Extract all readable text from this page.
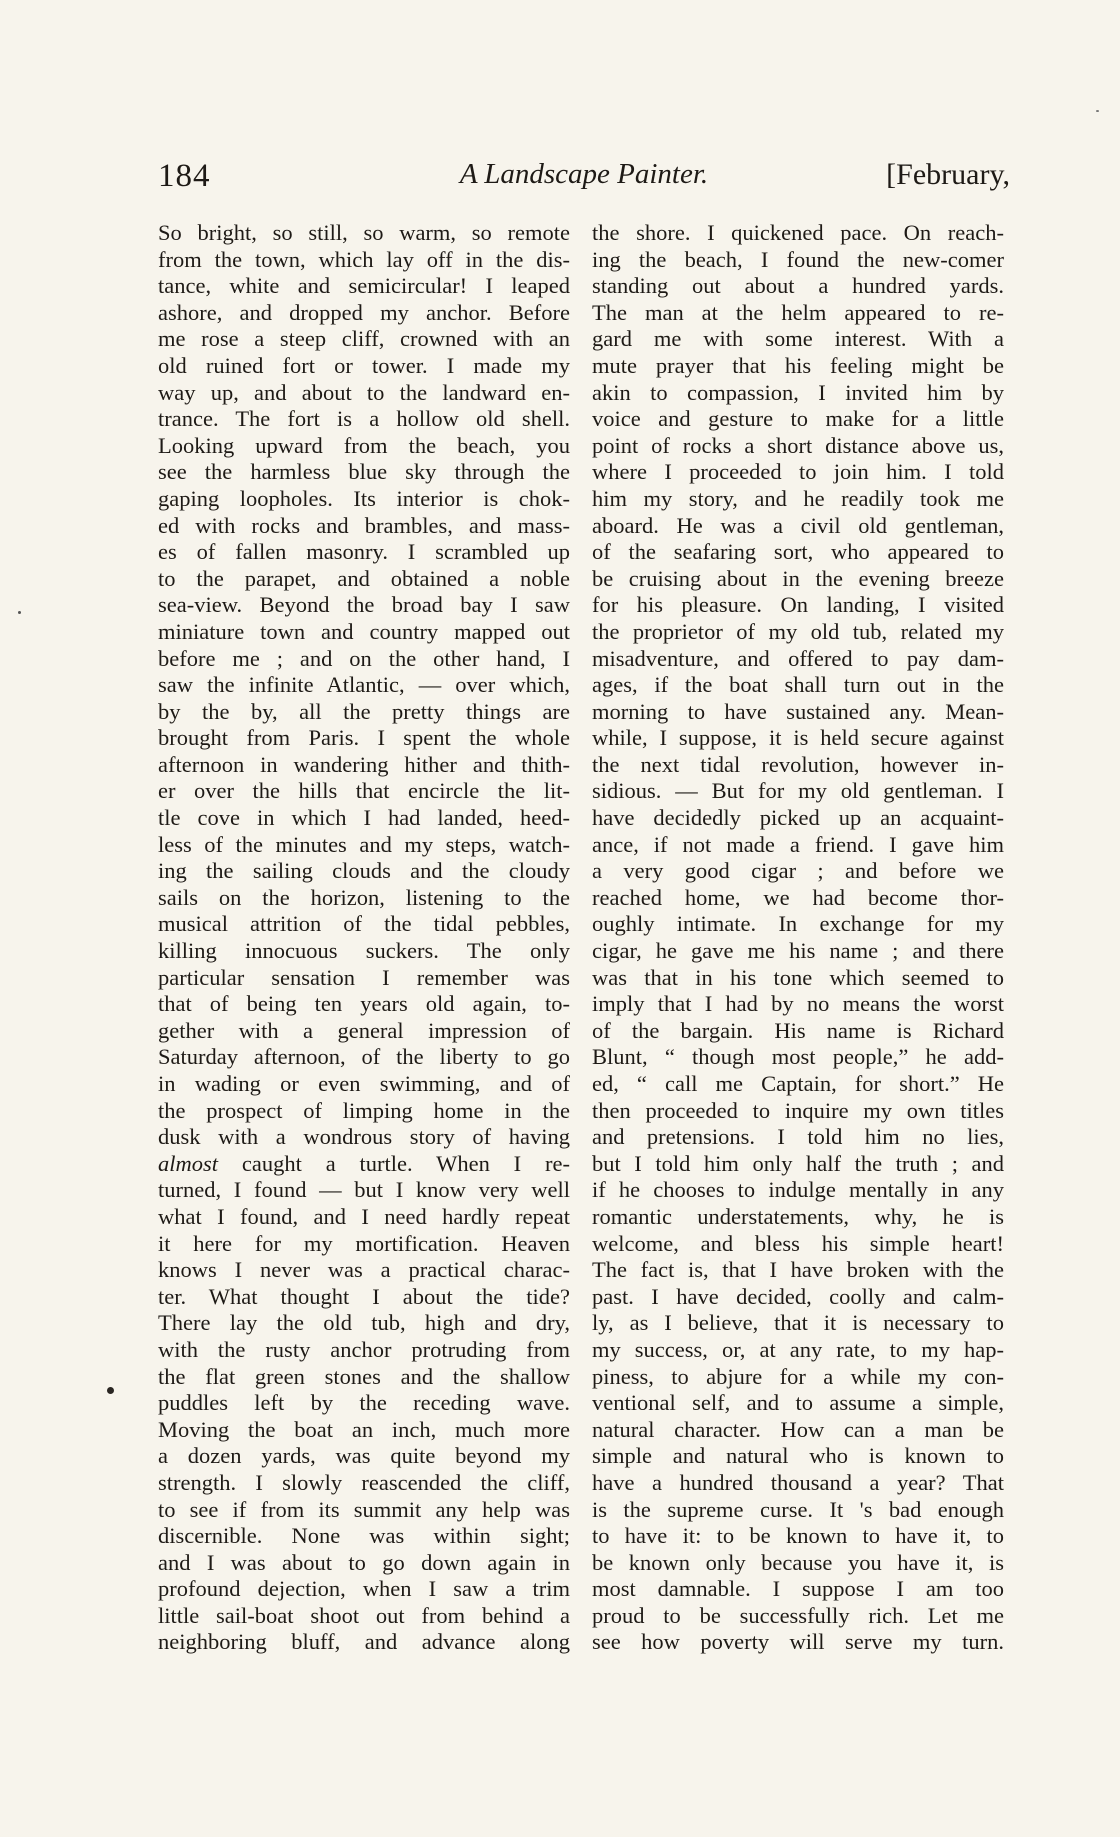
184	A Landscape Painter.	[February,
So bright, so still, so warm, so remote
from the town, which lay off in the dis-
tance, white and semicircular! I leaped
ashore, and dropped my anchor. Before
me rose a steep cliff, crowned with an
old ruined fort or tower. I made my
way up, and about to the landward en-
trance. The fort is a hollow old shell.
Looking upward from the beach, you
see the harmless blue sky through the
gaping loopholes. Its interior is chok-
ed with rocks and brambles, and mass-
es of fallen masonry. I scrambled up
to the parapet, and obtained a noble
sea-view. Beyond the broad bay I saw
miniature town and country mapped out
before me ; and on the other hand, I
saw the infinite Atlantic, — over which,
by the by, all the pretty things are
brought from Paris. I spent the whole
afternoon in wandering hither and thith-
er over the hills that encircle the lit-
tle cove in which I had landed, heed-
less of the minutes and my steps, watch-
ing the sailing clouds and the cloudy
sails on the horizon, listening to the
musical attrition of the tidal pebbles,
killing innocuous suckers. The only
particular sensation I remember was
that of being ten years old again, to-
gether with a general impression of
Saturday afternoon, of the liberty to go
in wading or even swimming, and of
the prospect of limping home in the
dusk with a wondrous story of having
almost caught a turtle. When I re-
turned, I found — but I know very well
what I found, and I need hardly repeat
it here for my mortification. Heaven
knows I never was a practical charac-
ter. What thought I about the tide?
There lay the old tub, high and dry,
with the rusty anchor protruding from
the flat green stones and the shallow
puddles left by the receding wave.
Moving the boat an inch, much more
a dozen yards, was quite beyond my
strength. I slowly reascended the cliff,
to see if from its summit any help was
discernible. None was within sight;
and I was about to go down again in
profound dejection, when I saw a trim
little sail-boat shoot out from behind a
neighboring bluff, and advance along
the shore. I quickened pace. On reach-
ing the beach, I found the new-comer
standing out about a hundred yards.
The man at the helm appeared to re-
gard me with some interest. With a
mute prayer that his feeling might be
akin to compassion, I invited him by
voice and gesture to make for a little
point of rocks a short distance above us,
where I proceeded to join him. I told
him my story, and he readily took me
aboard. He was a civil old gentleman,
of the seafaring sort, who appeared to
be cruising about in the evening breeze
for his pleasure. On landing, I visited
the proprietor of my old tub, related my
misadventure, and offered to pay dam-
ages, if the boat shall turn out in the
morning to have sustained any. Mean-
while, I suppose, it is held secure against
the next tidal revolution, however in-
sidious. — But for my old gentleman. I
have decidedly picked up an acquaint-
ance, if not made a friend. I gave him
a very good cigar ; and before we
reached home, we had become thor-
oughly intimate. In exchange for my
cigar, he gave me his name ; and there
was that in his tone which seemed to
imply that I had by no means the worst
of the bargain. His name is Richard
Blunt, “ though most people,” he add-
ed, “ call me Captain, for short.” He
then proceeded to inquire my own titles
and pretensions. I told him no lies,
but I told him only half the truth ; and
if he chooses to indulge mentally in any
romantic understatements, why, he is
welcome, and bless his simple heart!
The fact is, that I have broken with the
past. I have decided, coolly and calm-
ly, as I believe, that it is necessary to
my success, or, at any rate, to my hap-
piness, to abjure for a while my con-
ventional self, and to assume a simple,
natural character. How can a man be
simple and natural who is known to
have a hundred thousand a year? That
is the supreme curse. It 's bad enough
to have it: to be known to have it, to
be known only because you have it, is
most damnable. I suppose I am too
proud to be successfully rich. Let me
see how poverty will serve my turn.
